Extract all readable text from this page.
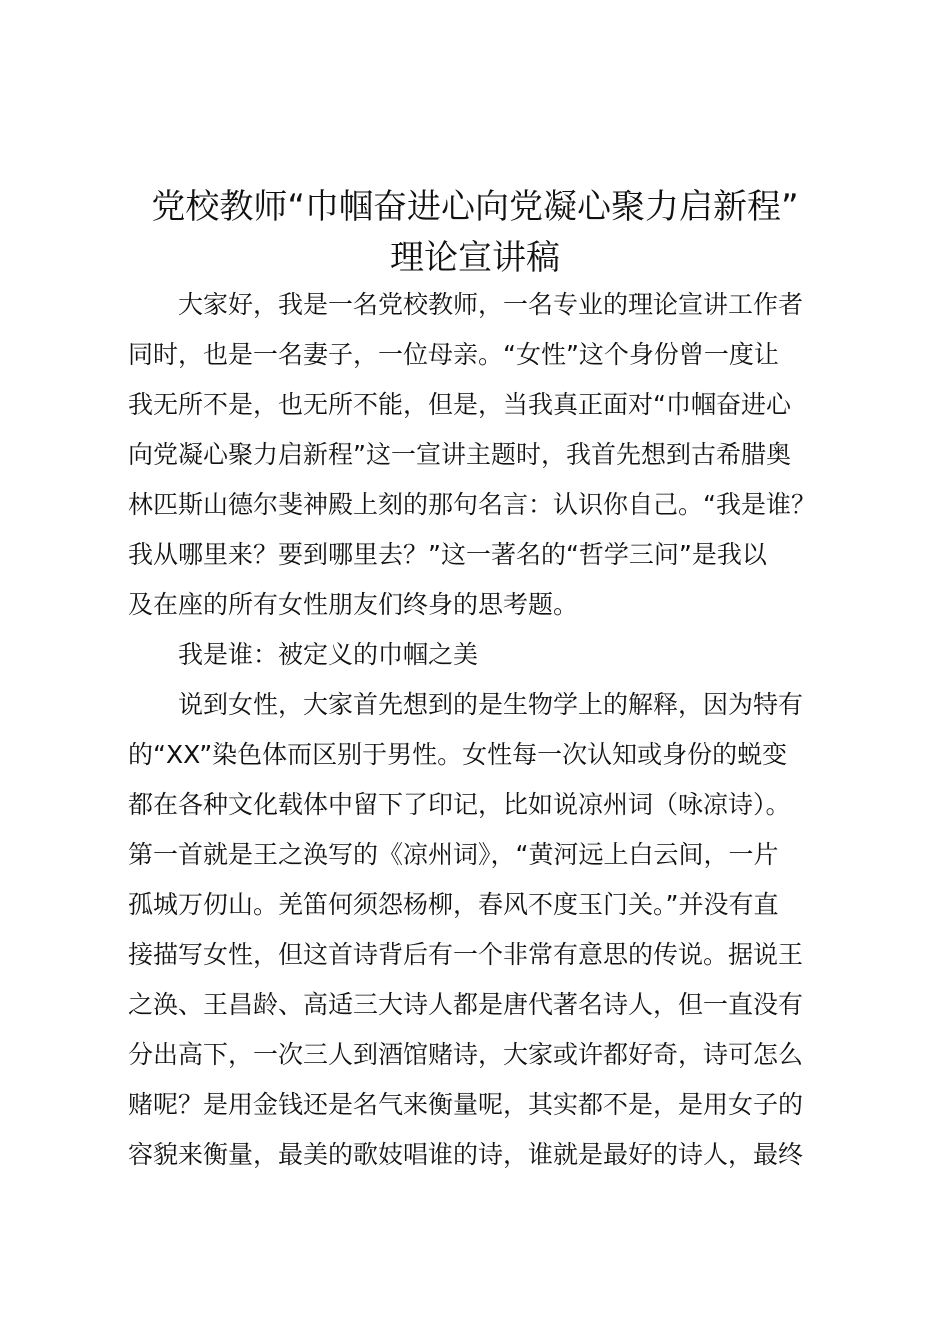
党校教师“巾帼奋进心向党凝心聚力启新程”
理论宣讲稿
大家好，我是一名党校教师，一名专业的理论宣讲工作者
同时，也是一名妻子，一位母亲。“女性”这个身份曾一度让
我无所不是，也无所不能，但是，当我真正面对“巾帼奋进心
向党凝心聚力启新程”这一宣讲主题时，我首先想到古希腊奥
林匹斯山德尔斐神殿上刻的那句名言：认识你自己。“我是谁？
我从哪里来？要到哪里去？”这一著名的“哲学三问”是我以
及在座的所有女性朋友们终身的思考题。
我是谁：被定义的巾帼之美
说到女性，大家首先想到的是生物学上的解释，因为特有
的“XX”染色体而区别于男性。女性每一次认知或身份的蜕变
都在各种文化载体中留下了印记，比如说凉州词（咏凉诗）。
第一首就是王之涣写的《凉州词》，“黄河远上白云间，一片
孤城万仞山。羌笛何须怨杨柳，春风不度玉门关。”并没有直
接描写女性，但这首诗背后有一个非常有意思的传说。据说王
之涣、王昌龄、高适三大诗人都是唐代著名诗人，但一直没有
分出高下，一次三人到酒馆赌诗，大家或许都好奇，诗可怎么
赌呢？是用金钱还是名气来衡量呢，其实都不是，是用女子的
容貌来衡量，最美的歌妓唱谁的诗，谁就是最好的诗人，最终
